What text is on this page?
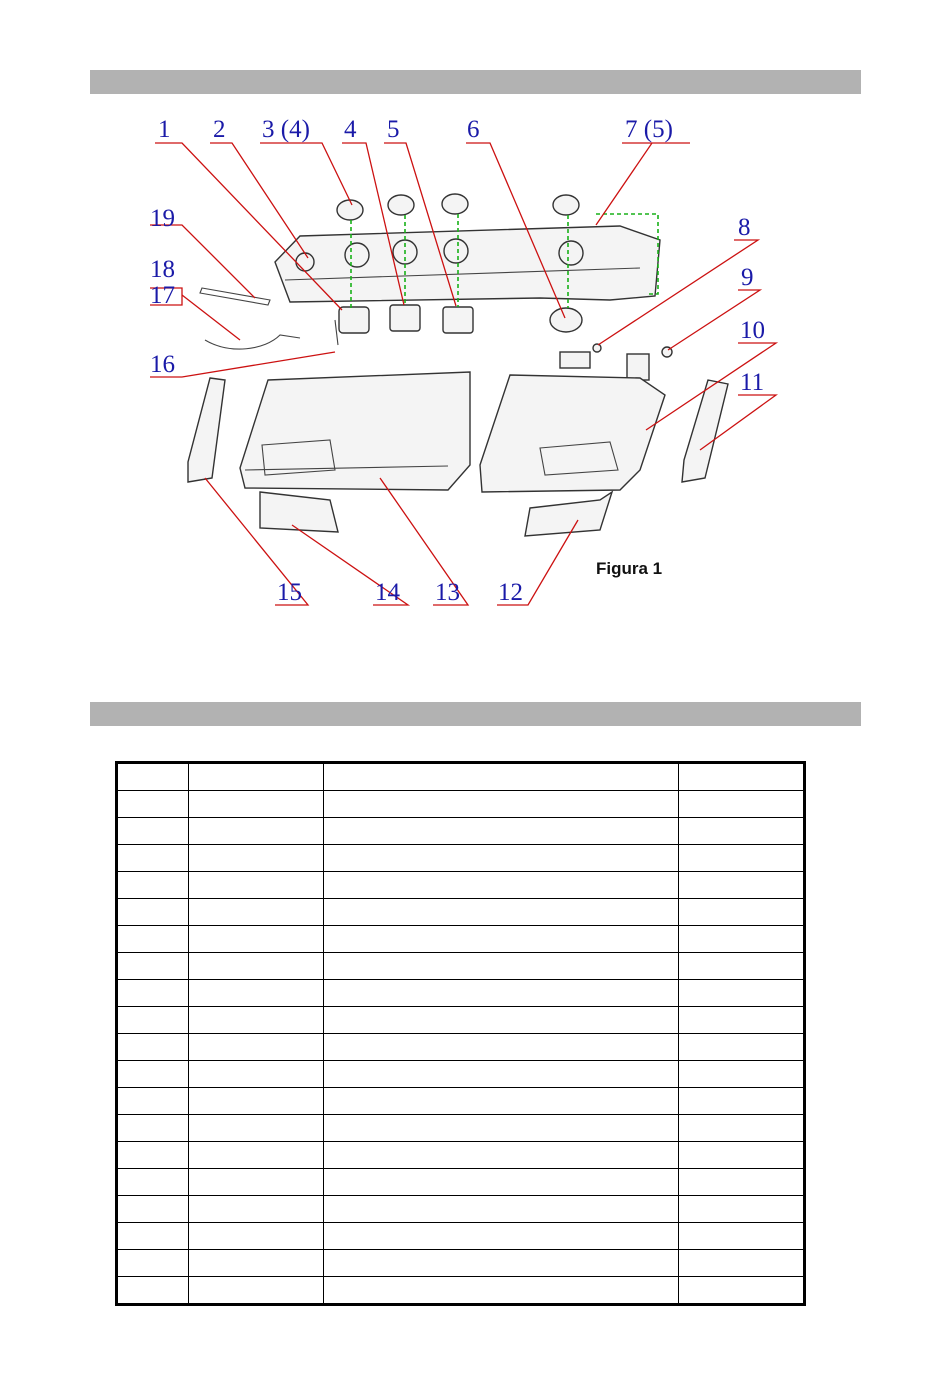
1 2 3 (4) 4 5	6	7 (5)
8
9
10
11
12
13
14
15
16
17
18
19
Figura 1
